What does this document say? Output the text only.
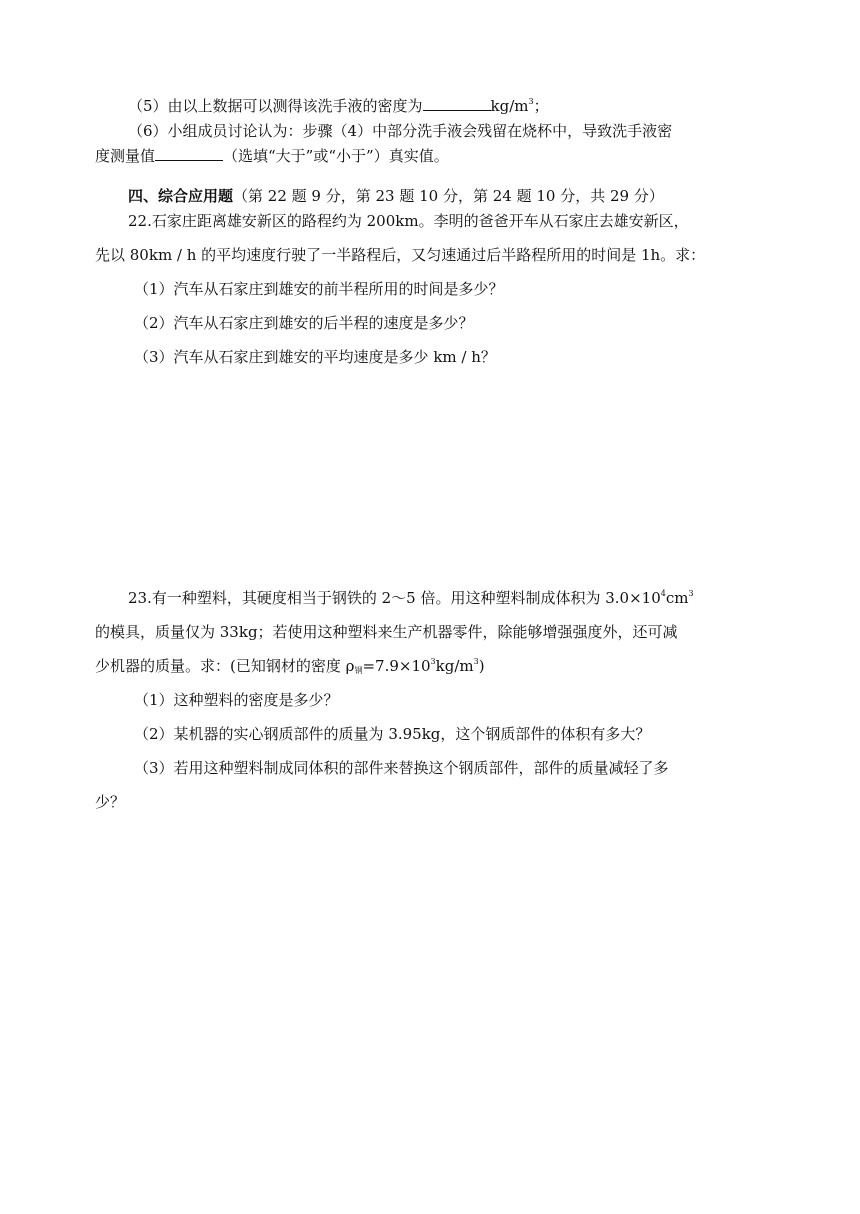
（5）由以上数据可以测得该洗手液的密度为	$kg/m^3$；
（6）小组成员讨论认为：步骤（4）中部分洗手液会残留在烧杯中，导致洗手液密
度测量值	（选填“大于”或“小于”）真实值。
四、综合应用题（第 22 题 9 分，第 23 题 10 分，第 24 题 10 分，共 29 分）
22.石家庄距离雄安新区的路程约为 200km。李明的爸爸开车从石家庄去雄安新区，
先以 80km / h 的平均速度行驶了一半路程后，又匀速通过后半路程所用的时间是 1h。求：
（1）汽车从石家庄到雄安的前半程所用的时间是多少？
（2）汽车从石家庄到雄安的后半程的速度是多少？
（3）汽车从石家庄到雄安的平均速度是多少 km / h？
23.有一种塑料，其硬度相当于钢铁的 2～5 倍。用这种塑料制成体积为 $3.0\times 10^4cm^3$
的模具，质量仅为 33kg；若使用这种塑料来生产机器零件，除能够增强强度外，还可减
少机器的质量。求：(已知钢材的密度 $\rho_钢=7.9\times 10^3kg/m^3$)
（1）这种塑料的密度是多少？
（2）某机器的实心钢质部件的质量为 3.95kg，这个钢质部件的体积有多大？
（3）若用这种塑料制成同体积的部件来替换这个钢质部件，部件的质量减轻了多
少？
